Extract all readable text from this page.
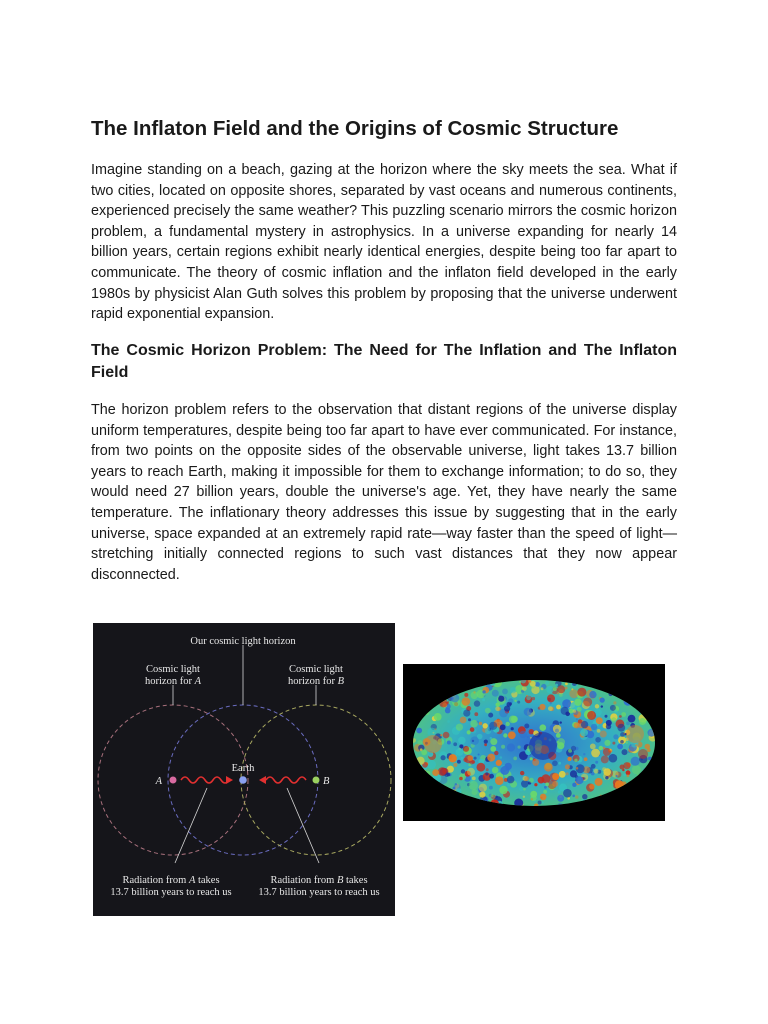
The Inflaton Field and the Origins of Cosmic Structure

Imagine standing on a beach, gazing at the horizon where the sky meets the sea. What if two cities, located on opposite shores, separated by vast oceans and numerous continents, experienced precisely the same weather? This puzzling scenario mirrors the cosmic horizon problem, a fundamental mystery in astrophysics. In a universe expanding for nearly 14 billion years, certain regions exhibit nearly identical energies, despite being too far apart to communicate. The theory of cosmic inflation and the inflaton field developed in the early 1980s by physicist Alan Guth solves this problem by proposing that the universe underwent rapid exponential expansion.

The Cosmic Horizon Problem: The Need for The Inflation and The Inflaton Field

The horizon problem refers to the observation that distant regions of the universe display uniform temperatures, despite being too far apart to have ever communicated. For instance, from two points on the opposite sides of the observable universe, light takes 13.7 billion years to reach Earth, making it impossible for them to exchange information; to do so, they would need 27 billion years, double the universe's age. Yet, they have nearly the same temperature. The inflationary theory addresses this issue by suggesting that in the early universe, space expanded at an extremely rapid rate—way faster than the speed of light—stretching initially connected regions to such vast distances that they now appear disconnected.

Our cosmic light horizon
Cosmic light
horizon for A
Cosmic light
horizon for B
Earth
A	B
Radiation from A takes
13.7 billion years to reach us
Radiation from B takes
13.7 billion years to reach us
